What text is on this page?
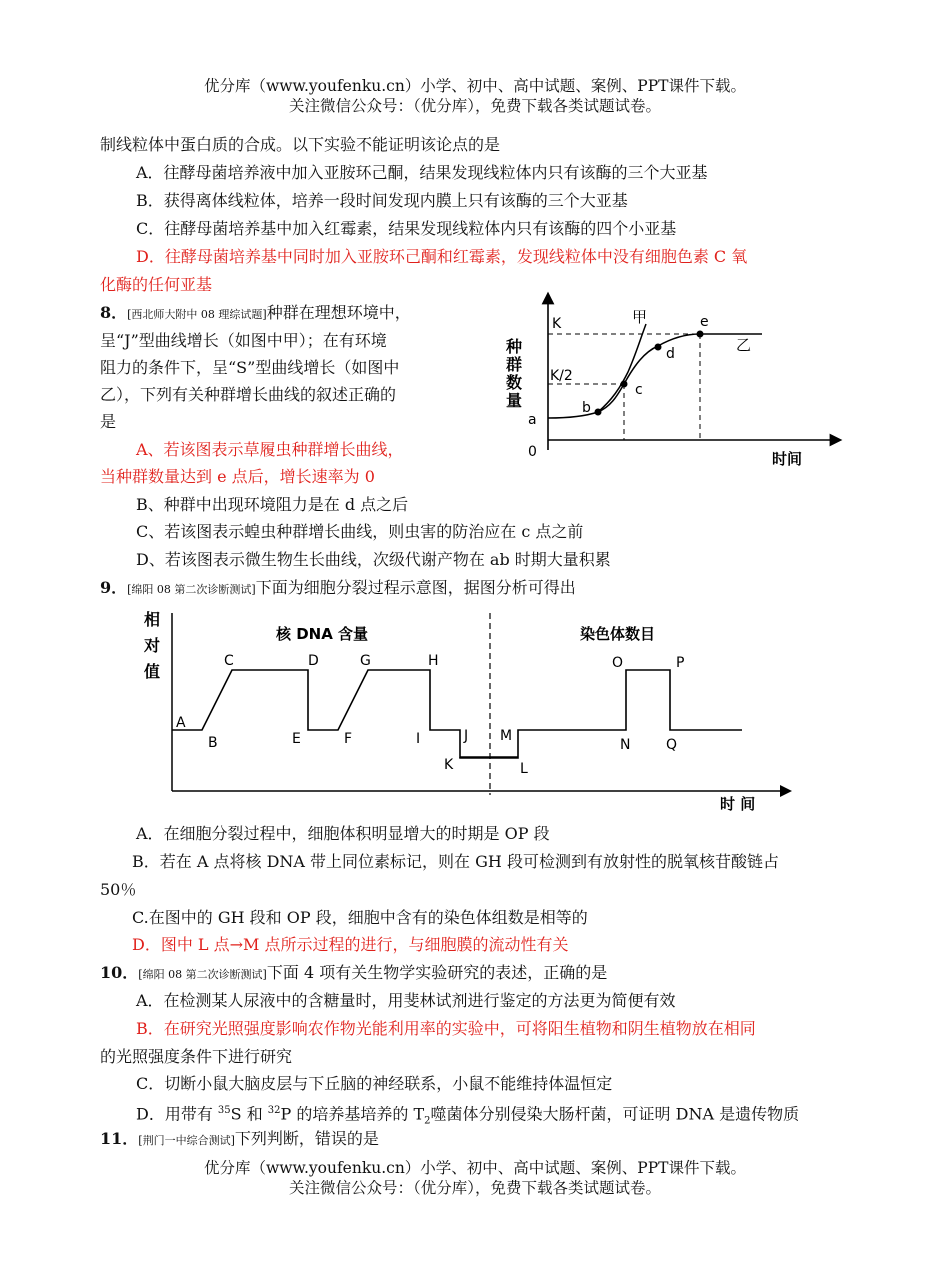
优分库（www.youfenku.cn）小学、初中、高中试题、案例、PPT课件下载。
关注微信公众号：（优分库），免费下载各类试题试卷。
制线粒体中蛋白质的合成。以下实验不能证明该论点的是
A．往酵母菌培养液中加入亚胺环己酮，结果发现线粒体内只有该酶的三个大亚基
B．获得离体线粒体，培养一段时间发现内膜上只有该酶的三个大亚基
C．往酵母菌培养基中加入红霉素，结果发现线粒体内只有该酶的四个小亚基
D．往酵母菌培养基中同时加入亚胺环己酮和红霉素，发现线粒体中没有细胞色素 C 氧
化酶的任何亚基
8．[西北师大附中 08 理综试题]种群在理想环境中，
呈“J”型曲线增长（如图中甲）；在有环境
阻力的条件下，呈“S”型曲线增长（如图中
乙），下列有关种群增长曲线的叙述正确的
是
A、若该图表示草履虫种群增长曲线，
当种群数量达到 e 点后，增长速率为 0
B、种群中出现环境阻力是在 d 点之后
C、若该图表示蝗虫种群增长曲线，则虫害的防治应在 c 点之前
D、若该图表示微生物生长曲线，次级代谢产物在 ab 时期大量积累
K
K/2
a
0
b
c
d
e
甲
乙
种
群
数
量
时间
9．[绵阳 08 第二次诊断测试]下面为细胞分裂过程示意图，据图分析可得出
核 DNA 含量	染色体数目
相
对
值
时 间
A
B
C	D
E	F
G	H
I	J
K	L
M
N
O	P
Q
A．在细胞分裂过程中，细胞体积明显增大的时期是 OP 段
B．若在 A 点将核 DNA 带上同位素标记，则在 GH 段可检测到有放射性的脱氧核苷酸链占
50％
C.在图中的 GH 段和 OP 段，细胞中含有的染色体组数是相等的
D．图中 L 点→M 点所示过程的进行，与细胞膜的流动性有关
10．[绵阳 08 第二次诊断测试]下面 4 项有关生物学实验研究的表述，正确的是
A．在检测某人尿液中的含糖量时，用斐林试剂进行鉴定的方法更为简便有效
B．在研究光照强度影响农作物光能利用率的实验中，可将阳生植物和阴生植物放在相同
的光照强度条件下进行研究
C．切断小鼠大脑皮层与下丘脑的神经联系，小鼠不能维持体温恒定
D．用带有 $^{35}$S 和 $^{32}$P 的培养基培养的 $T_2$噬菌体分别侵染大肠杆菌，可证明 DNA 是遗传物质
11．[荆门一中综合测试]下列判断，错误的是
优分库（www.youfenku.cn）小学、初中、高中试题、案例、PPT课件下载。
关注微信公众号：（优分库），免费下载各类试题试卷。
